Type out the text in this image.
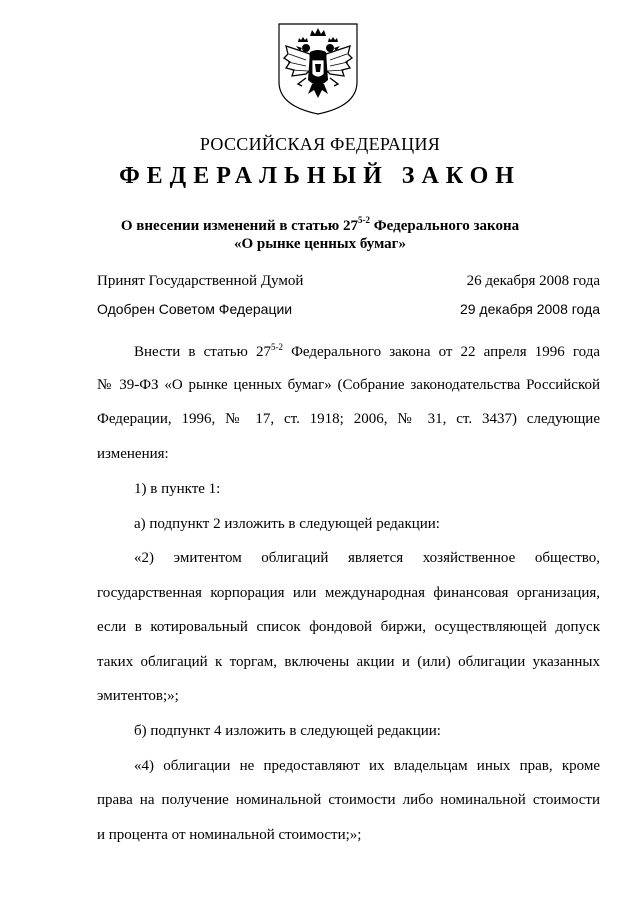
РОССИЙСКАЯ ФЕДЕРАЦИЯ
ФЕДЕРАЛЬНЫЙ ЗАКОН
О внесении изменений в статью 27$^{5-2}$ Федерального закона
«О рынке ценных бумаг»
Принят Государственной Думой	26 декабря 2008 года
Одобрен Советом Федерации	29 декабря 2008 года
Внести в статью 27$^{5-2}$ Федерального закона от 22 апреля 1996 года
№ 39-ФЗ «О рынке ценных бумаг» (Собрание законодательства Российской
Федерации, 1996, № 17, ст. 1918; 2006, № 31, ст. 3437) следующие
изменения:
1) в пункте 1:
а) подпункт 2 изложить в следующей редакции:
«2) эмитентом облигаций является хозяйственное общество,
государственная корпорация или международная финансовая организация,
если в котировальный список фондовой биржи, осуществляющей допуск
таких облигаций к торгам, включены акции и (или) облигации указанных
эмитентов;»;
б) подпункт 4 изложить в следующей редакции:
«4) облигации не предоставляют их владельцам иных прав, кроме
права на получение номинальной стоимости либо номинальной стоимости
и процента от номинальной стоимости;»;
